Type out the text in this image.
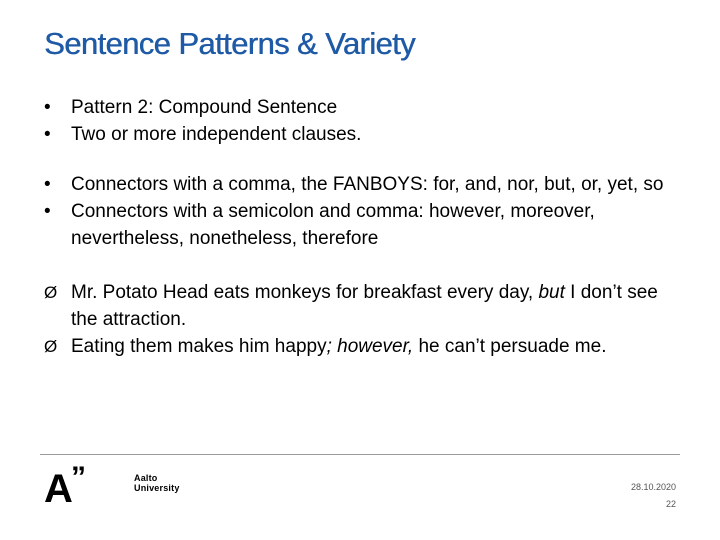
Sentence Patterns & Variety
•	Pattern 2: Compound Sentence
•	Two or more independent clauses.
•	Connectors with a comma, the FANBOYS: for, and, nor, but, or, yet, so
•	Connectors with a semicolon and comma: however, moreover, nevertheless, nonetheless, therefore
Ø Mr. Potato Head eats monkeys for breakfast every day, but I don’t see the attraction.
Ø Eating them makes him happy; however, he can’t persuade me.
A ”	Aalto University	28.10.2020
22
